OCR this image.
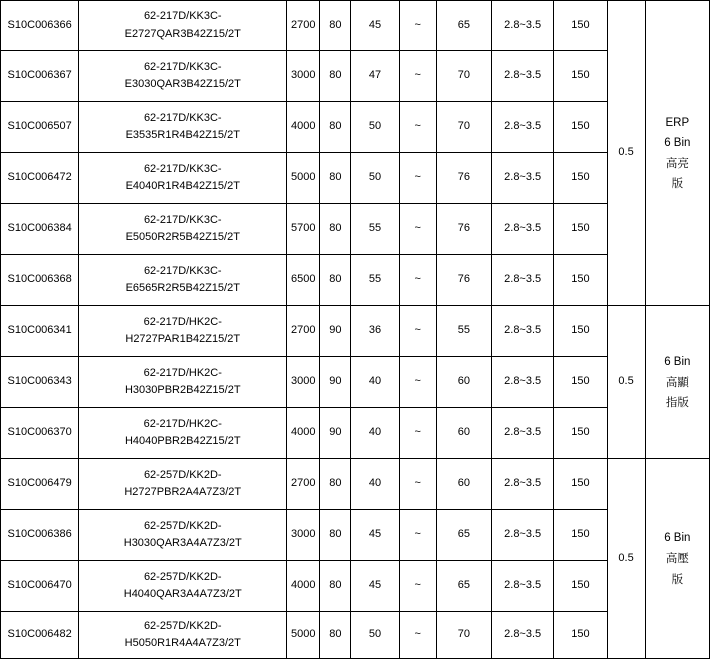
S10C006366	62-217D/KK3C-
E2727QAR3B42Z15/2T	2700	80	45	~	65	2.8~3.5	150	0.5	ERP
6 Bin
高亮
版

S10C006367	62-217D/KK3C-
E3030QAR3B42Z15/2T	3000	80	47	~	70	2.8~3.5	150		
S10C006507	62-217D/KK3C-
E3535R1R4B42Z15/2T	4000	80	50	~	70	2.8~3.5	150		
S10C006472	62-217D/KK3C-
E4040R1R4B42Z15/2T	5000	80	50	~	76	2.8~3.5	150		
S10C006384	62-217D/KK3C-
E5050R2R5B42Z15/2T	5700	80	55	~	76	2.8~3.5	150		
S10C006368	62-217D/KK3C-
E6565R2R5B42Z15/2T	6500	80	55	~	76	2.8~3.5	150		
S10C006341	62-217D/HK2C-
H2727PAR1B42Z15/2T	2700	90	36	~	55	2.8~3.5	150	0.5	6 Bin
高顯
指版

S10C006343	62-217D/HK2C-
H3030PBR2B42Z15/2T	3000	90	40	~	60	2.8~3.5	150		
S10C006370	62-217D/HK2C-
H4040PBR2B42Z15/2T	4000	90	40	~	60	2.8~3.5	150		
S10C006479	62-257D/KK2D-
H2727PBR2A4A7Z3/2T	2700	80	40	~	60	2.8~3.5	150	0.5	6 Bin
高壓
版

S10C006386	62-257D/KK2D-
H3030QAR3A4A7Z3/2T	3000	80	45	~	65	2.8~3.5	150		
S10C006470	62-257D/KK2D-
H4040QAR3A4A7Z3/2T	4000	80	45	~	65	2.8~3.5	150		
S10C006482	62-257D/KK2D-
H5050R1R4A4A7Z3/2T	5000	80	50	~	70	2.8~3.5	150		
